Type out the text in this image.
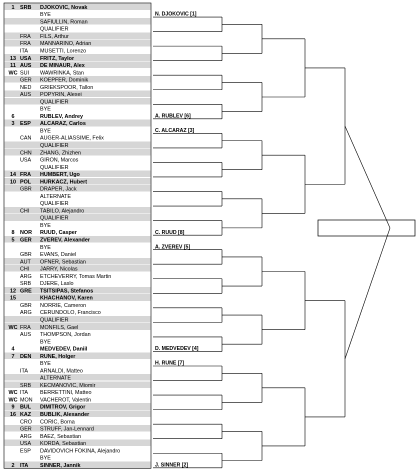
1 SRB DJOKOVIC, Novak
BYE
SAFIULLIN, Roman
QUALIFIER
FRA FILS, Arthur
FRA MANNARINO, Adrian
ITA MUSETTI, Lorenzo
13 USA FRITZ, Taylor
11 AUS DE MINAUR, Alex
WC SUI WAWRINKA, Stan
GER KOEPFER, Dominik
NED GRIEKSPOOR, Tallon
AUS POPYRIN, Alexei
QUALIFIER
BYE
6	RUBLEV, Andrey
3 ESP ALCARAZ, Carlos
BYE
CAN AUGER-ALIASSIME, Felix
QUALIFIER
CHN ZHANG, Zhizhen
USA GIRON, Marcos
QUALIFIER
14 FRA HUMBERT, Ugo
10 POL HURKACZ, Hubert
GBR DRAPER, Jack
ALTERNATE
QUALIFIER
CHI TABILO, Alejandro
QUALIFIER
BYE
8 NOR RUUD, Casper
5 GER ZVEREV, Alexander
BYE
GBR EVANS, Daniel
AUT OFNER, Sebastian
CHI JARRY, Nicolas
ARG ETCHEVERRY, Tomas Martin
SRB DJERE, Laslo
12 GRE TSITSIPAS, Stefanos
15	KHACHANOV, Karen
GBR NORRIE, Cameron
ARG CERUNDOLO, Francisco
QUALIFIER
WC FRA MONFILS, Gael
AUS THOMPSON, Jordan
BYE
4	MEDVEDEV, Daniil
7 DEN RUNE, Holger
BYE
ITA ARNALDI, Matteo
ALTERNATE
SRB KECMANOVIC, Miomir
WC ITA BERRETTINI, Matteo
WC MON VACHEROT, Valentin
9 BUL DIMITROV, Grigor
16 KAZ BUBLIK, Alexander
CRO CORIC, Borna
GER STRUFF, Jan-Lennard
ARG BAEZ, Sebastian
USA KORDA, Sebastian
ESP DAVIDOVICH FOKINA, Alejandro
BYE
2 ITA SINNER, Jannik
N. DJOKOVIC [1]
A. RUBLEV [6]
C. ALCARAZ [3]
C. RUUD [8]
A. ZVEREV [5]
D. MEDVEDEV [4]
H. RUNE [7]
J. SINNER [2]
